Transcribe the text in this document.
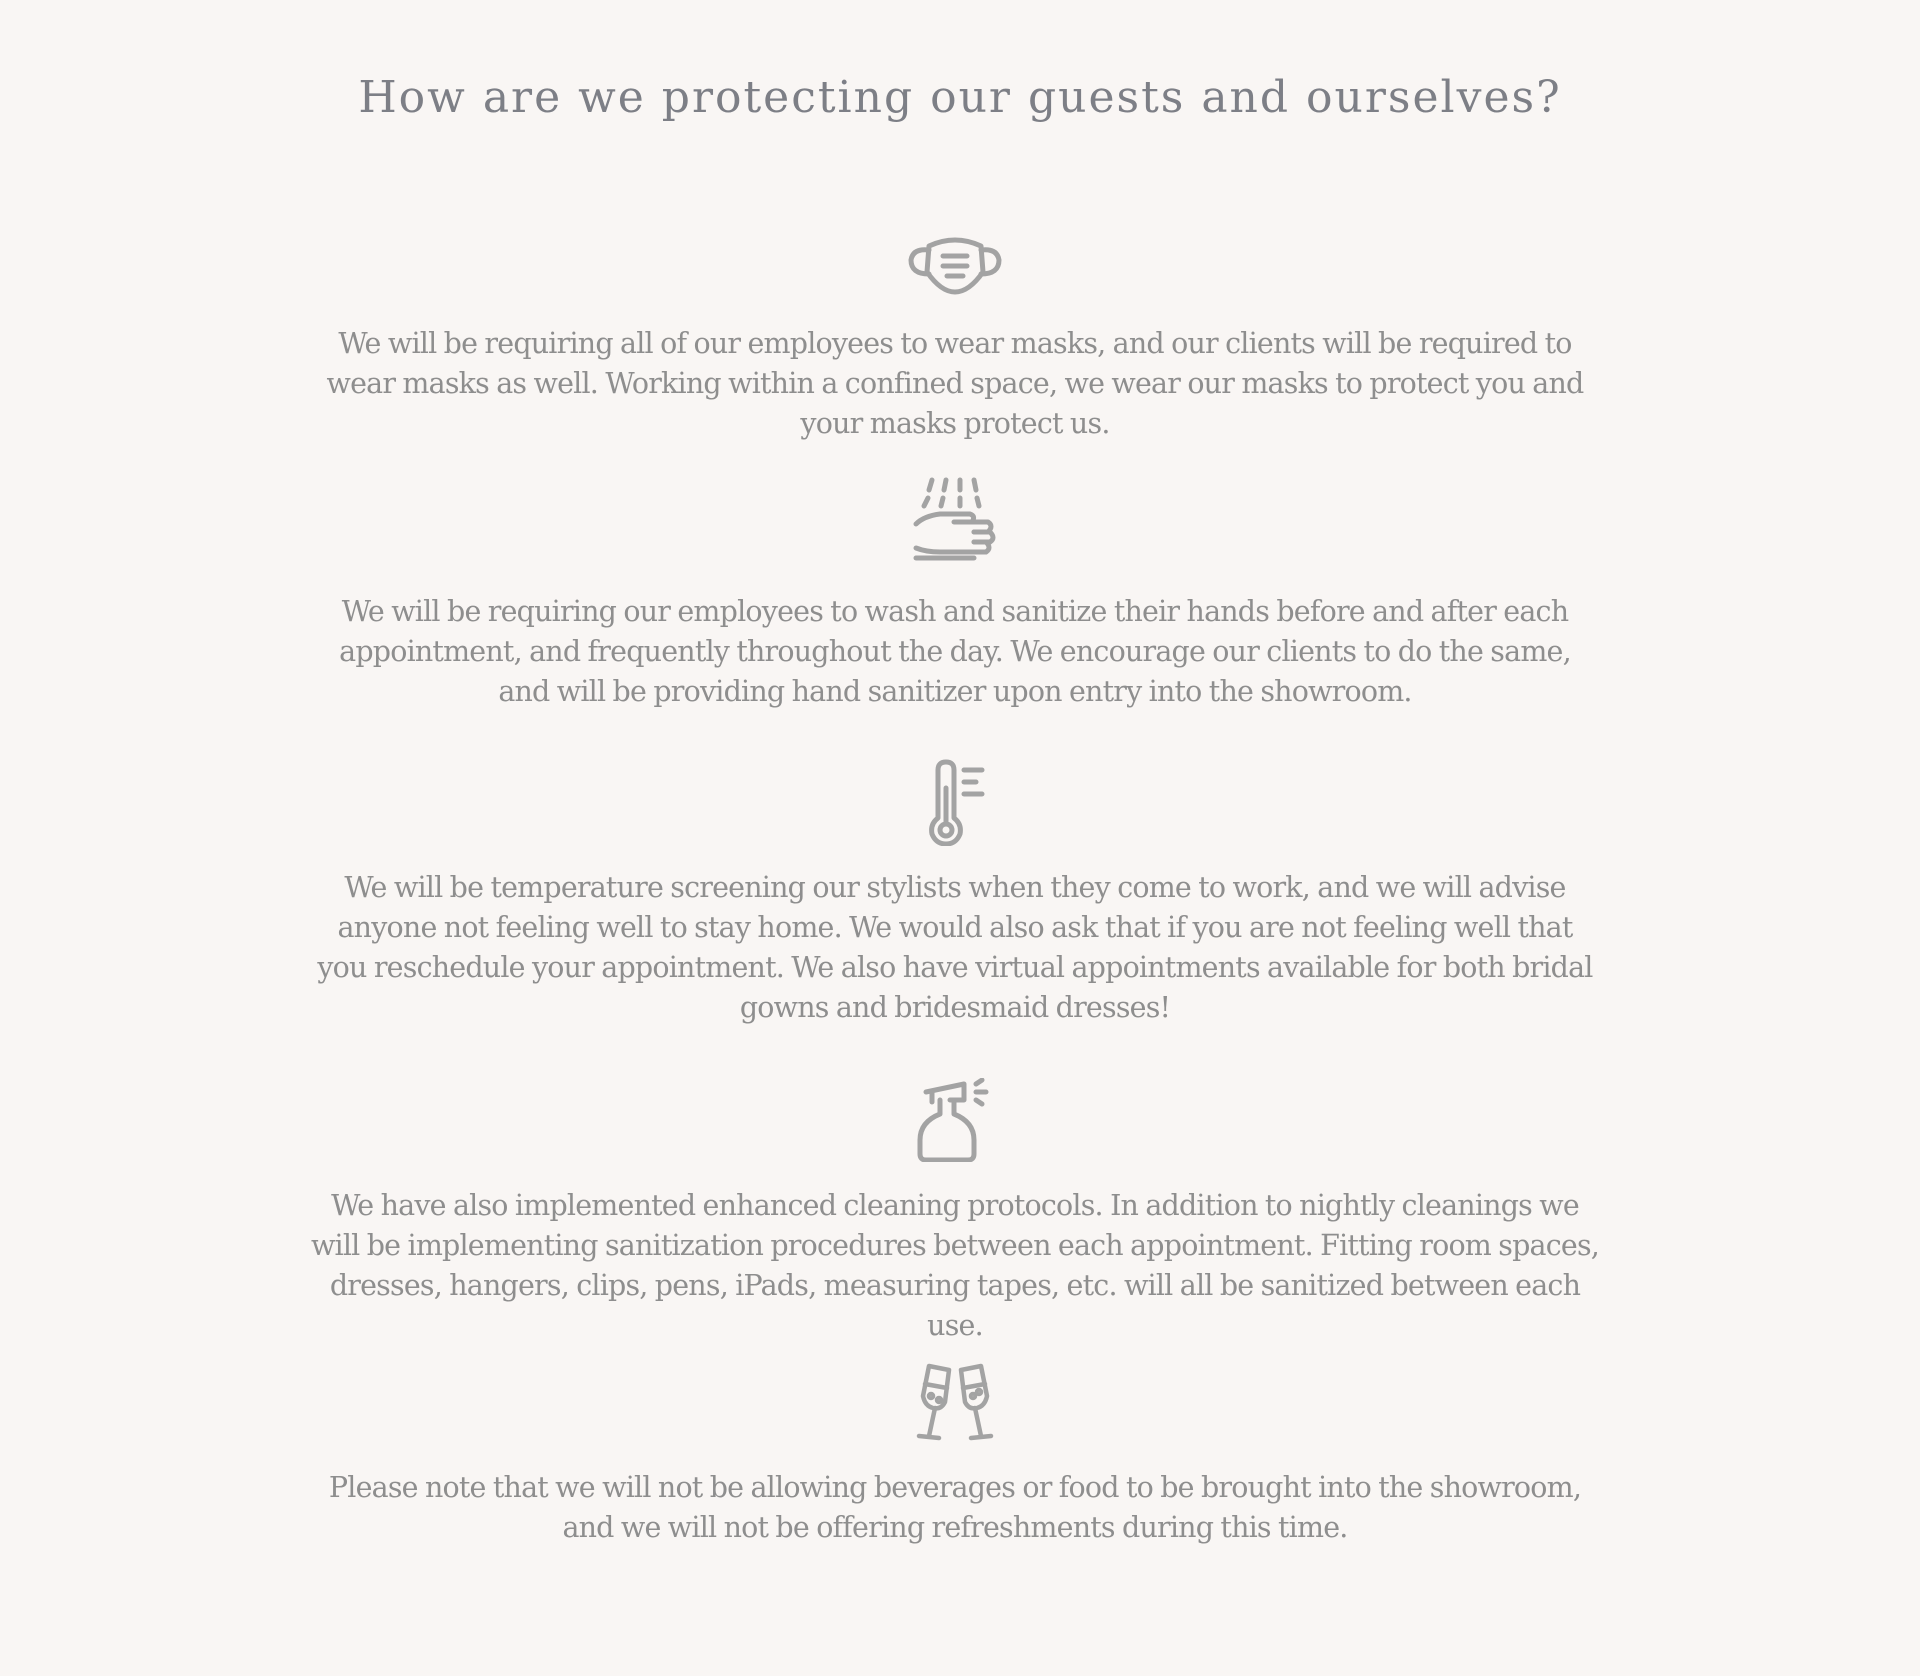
How are we protecting our guests and ourselves?

We will be requiring all of our employees to wear masks, and our clients will be required to wear masks as well. Working within a confined space, we wear our masks to protect you and your masks protect us.

We will be requiring our employees to wash and sanitize their hands before and after each appointment, and frequently throughout the day. We encourage our clients to do the same, and will be providing hand sanitizer upon entry into the showroom.

We will be temperature screening our stylists when they come to work, and we will advise anyone not feeling well to stay home. We would also ask that if you are not feeling well that you reschedule your appointment. We also have virtual appointments available for both bridal gowns and bridesmaid dresses!

We have also implemented enhanced cleaning protocols. In addition to nightly cleanings we will be implementing sanitization procedures between each appointment. Fitting room spaces, dresses, hangers, clips, pens, iPads, measuring tapes, etc. will all be sanitized between each use.

Please note that we will not be allowing beverages or food to be brought into the showroom, and we will not be offering refreshments during this time.
